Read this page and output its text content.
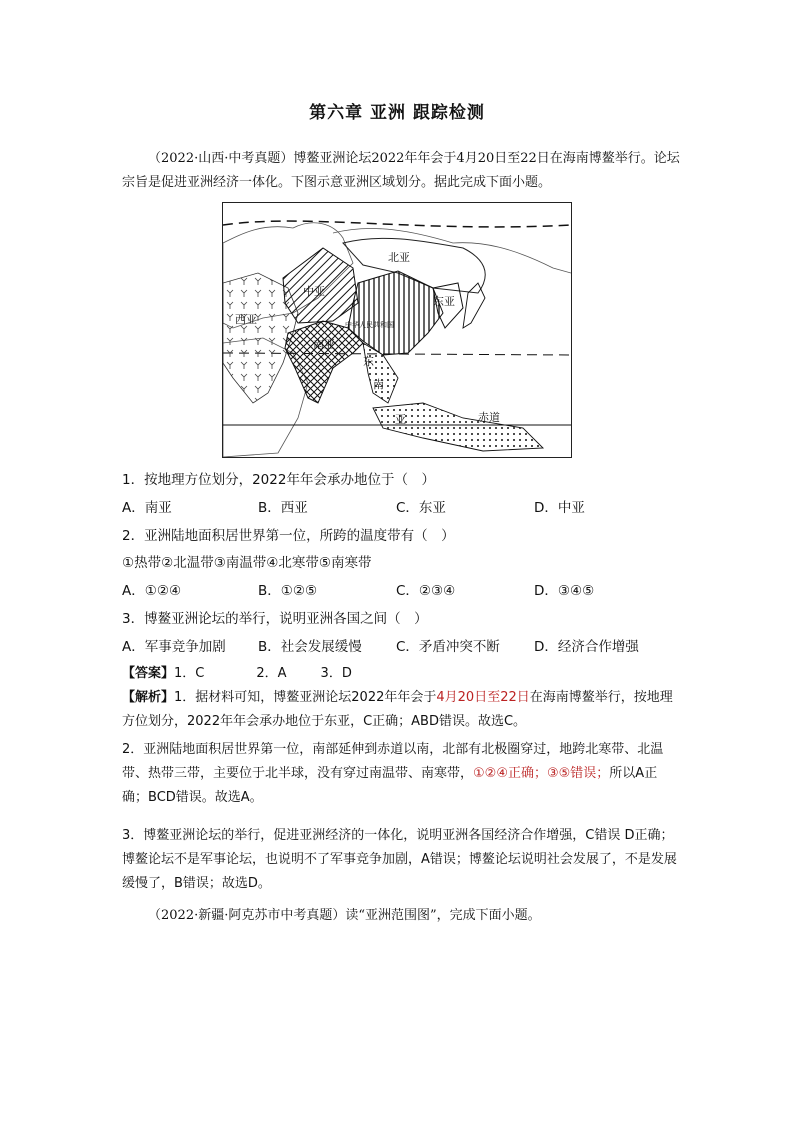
第六章 亚洲 跟踪检测
（2022·山西·中考真题）博鳌亚洲论坛2022年年会于4月20日至22日在海南博鳌举行。论坛宗旨是促进亚洲经济一体化。下图示意亚洲区域划分。据此完成下面小题。
北亚
中亚
西亚
南亚
东亚
中华人民共和国
东
南
亚	赤道
1．按地理方位划分，2022年年会承办地位于（　）
A．南亚	B．西亚	C．东亚	D．中亚
2．亚洲陆地面积居世界第一位，所跨的温度带有（　）
①热带②北温带③南温带④北寒带⑤南寒带
A．①②④	B．①②⑤	C．②③④	D．③④⑤
3．博鳌亚洲论坛的举行，说明亚洲各国之间（　）
A．军事竞争加剧 B．社会发展缓慢	C．矛盾冲突不断	D．经济合作增强
【答案】1．C	2．A	3．D
【解析】1．据材料可知，博鳌亚洲论坛2022年年会于4月20日至22日在海南博鳌举行，按地理方位划分，2022年年会承办地位于东亚，C正确；ABD错误。故选C。
2．亚洲陆地面积居世界第一位，南部延伸到赤道以南，北部有北极圈穿过，地跨北寒带、北温带、热带三带，主要位于北半球，没有穿过南温带、南寒带，①②④正确；③⑤错误；所以A正确；BCD错误。故选A。
3．博鳌亚洲论坛的举行，促进亚洲经济的一体化，说明亚洲各国经济合作增强，C错误 D正确；博鳌论坛不是军事论坛，也说明不了军事竞争加剧，A错误；博鳌论坛说明社会发展了，不是发展缓慢了，B错误；故选D。
（2022·新疆·阿克苏市中考真题）读“亚洲范围图”，完成下面小题。
